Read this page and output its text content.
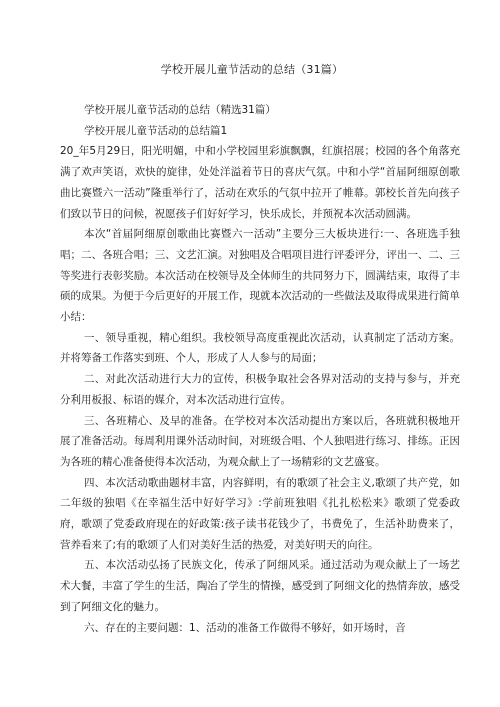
学校开展儿童节活动的总结（31篇）

学校开展儿童节活动的总结（精选31篇）

学校开展儿童节活动的总结篇1

20_年5月29日，阳光明媚，中和小学校园里彩旗飘飘，红旗招展；校园的各个角落充满了欢声笑语，欢快的旋律，处处洋溢着节日的喜庆气氛。中和小学“首届阿细原创歌曲比赛暨六一活动”隆重举行了，活动在欢乐的气氛中拉开了帷幕。郭校长首先向孩子们致以节日的问候，祝愿孩子们好好学习，快乐成长，并预祝本次活动圆满。

本次“首届阿细原创歌曲比赛暨六一活动”主要分三大板块进行:一、各班选手独唱；二、各班合唱；三、文艺汇演。对独唱及合唱项目进行评委评分，评出一、二、三等奖进行表彰奖励。本次活动在校领导及全体师生的共同努力下，圆满结束，取得了丰硕的成果。为便于今后更好的开展工作，现就本次活动的一些做法及取得成果进行简单小结：

一、领导重视，精心组织。我校领导高度重视此次活动，认真制定了活动方案。并将筹备工作落实到班、个人，形成了人人参与的局面；

二、对此次活动进行大力的宣传，积极争取社会各界对活动的支持与参与，并充分利用板报、标语的媒介，对本次活动进行宣传。

三、各班精心、及早的准备。在学校对本次活动提出方案以后，各班就积极地开展了准备活动。每周利用课外活动时间，对班级合唱、个人独唱进行练习、排练。正因为各班的精心准备使得本次活动，为观众献上了一场精彩的文艺盛宴。

四、本次活动歌曲题材丰富，内容鲜明，有的歌颂了社会主义,歌颂了共产党，如二年级的独唱《在幸福生活中好好学习》:学前班独唱《扎扎松松来》歌颂了党委政府，歌颂了党委政府现在的好政策:孩子读书花钱少了，书费免了，生活补助费来了，营养看来了;有的歌颂了人们对美好生活的热爱，对美好明天的向往。

五、本次活动弘扬了民族文化，传承了阿细风采。通过活动为观众献上了一场艺术大餐，丰富了学生的生活，陶冶了学生的情操，感受到了阿细文化的热情奔放，感受到了阿细文化的魅力。

六、存在的主要问题：1、活动的准备工作做得不够好，如开场时，音
